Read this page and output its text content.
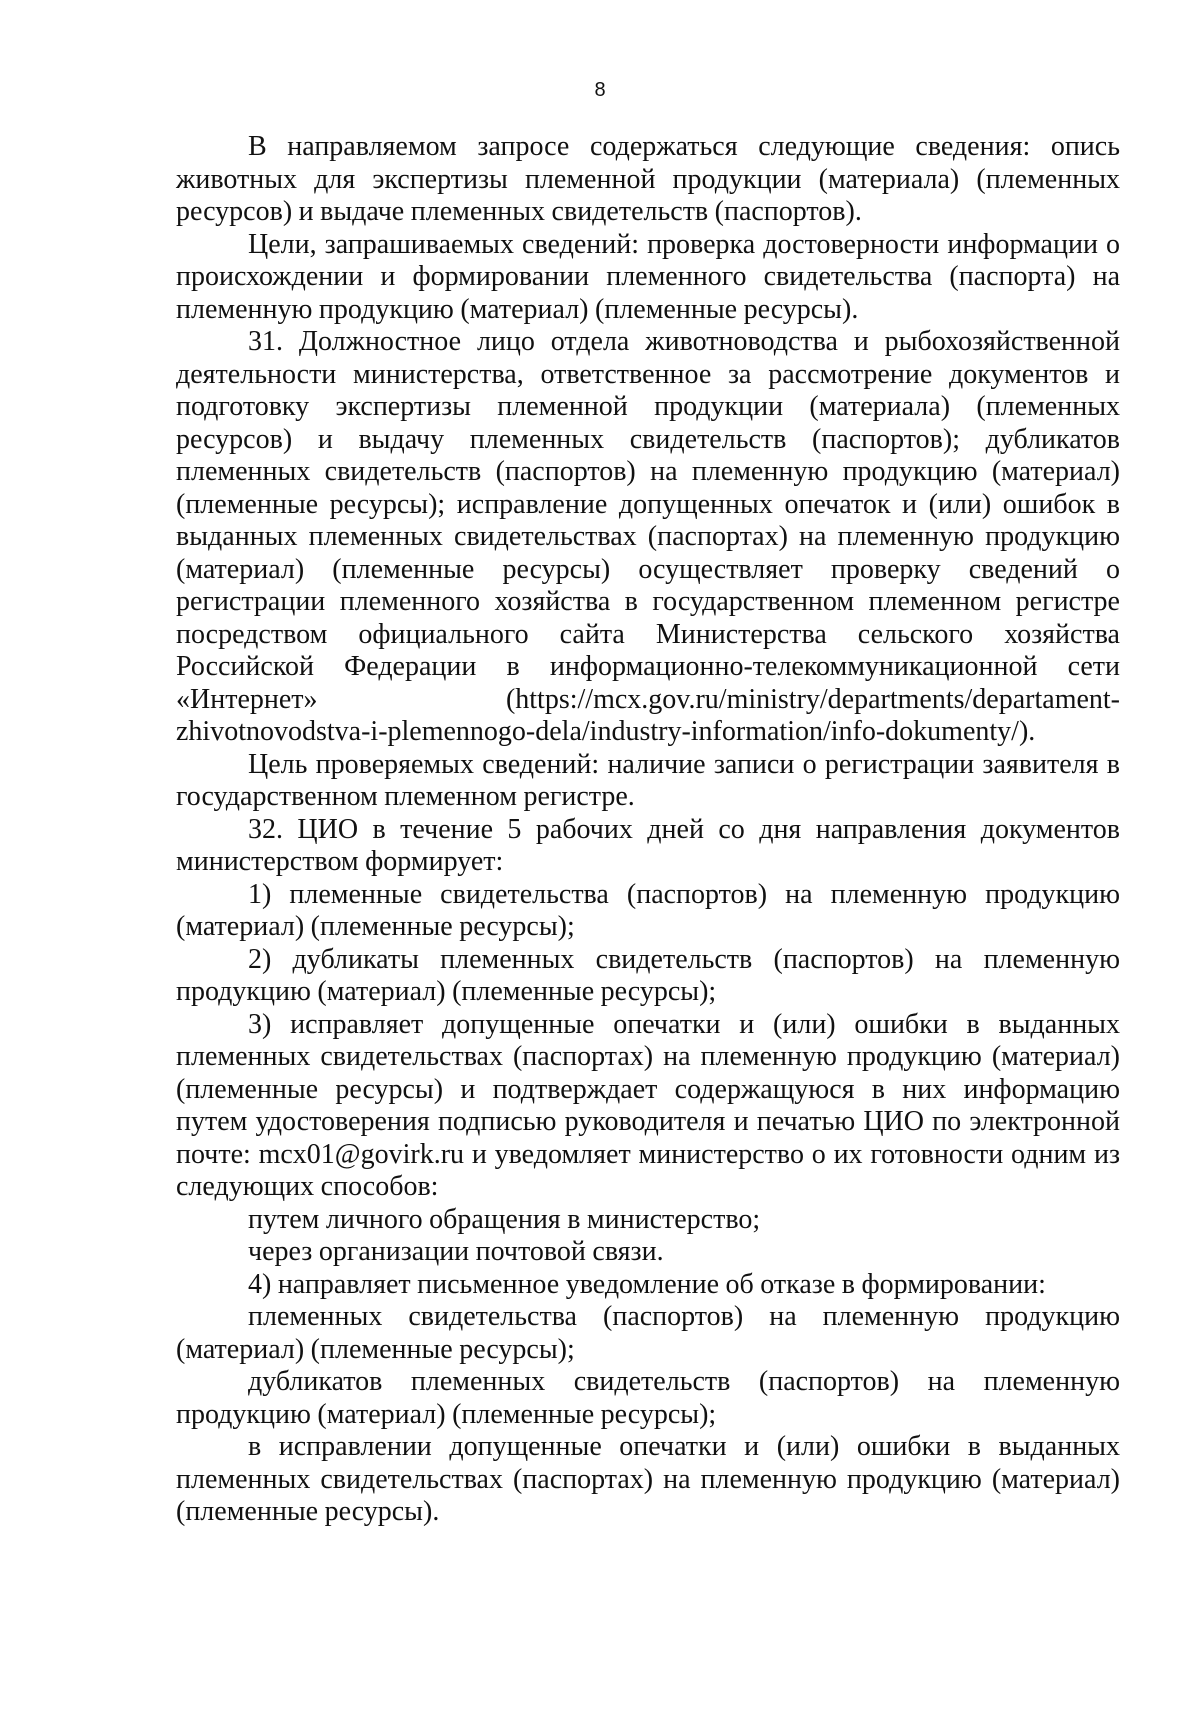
8

В направляемом запросе содержаться следующие сведения: опись животных для экспертизы племенной продукции (материала) (племенных ресурсов) и выдаче племенных свидетельств (паспортов).

Цели, запрашиваемых сведений: проверка достоверности информации о происхождении и формировании племенного свидетельства (паспорта) на племенную продукцию (материал) (племенные ресурсы).

31. Должностное лицо отдела животноводства и рыбохозяйственной деятельности министерства, ответственное за рассмотрение документов и подготовку экспертизы племенной продукции (материала) (племенных ресурсов) и выдачу племенных свидетельств (паспортов); дубликатов племенных свидетельств (паспортов) на племенную продукцию (материал) (племенные ресурсы); исправление допущенных опечаток и (или) ошибок в выданных племенных свидетельствах (паспортах) на племенную продукцию (материал) (племенные ресурсы) осуществляет проверку сведений о регистрации племенного хозяйства в государственном племенном регистре посредством официального сайта Министерства сельского хозяйства Российской Федерации в информационно-телекоммуникационной сети «Интернет» (https://mcx.gov.ru/ministry/departments/departament-zhivotnovodstva-i-plemennogo-dela/industry-information/info-dokumenty/).

Цель проверяемых сведений: наличие записи о регистрации заявителя в государственном племенном регистре.

32. ЦИО в течение 5 рабочих дней со дня направления документов министерством формирует:

1) племенные свидетельства (паспортов) на племенную продукцию (материал) (племенные ресурсы);

2) дубликаты племенных свидетельств (паспортов) на племенную продукцию (материал) (племенные ресурсы);

3) исправляет допущенные опечатки и (или) ошибки в выданных племенных свидетельствах (паспортах) на племенную продукцию (материал) (племенные ресурсы) и подтверждает содержащуюся в них информацию путем удостоверения подписью руководителя и печатью ЦИО по электронной почте: mcx01@govirk.ru и уведомляет министерство о их готовности одним из следующих способов:

путем личного обращения в министерство;

через организации почтовой связи.

4) направляет письменное уведомление об отказе в формировании:

племенных свидетельства (паспортов) на племенную продукцию (материал) (племенные ресурсы);

дубликатов племенных свидетельств (паспортов) на племенную продукцию (материал) (племенные ресурсы);

в исправлении допущенные опечатки и (или) ошибки в выданных племенных свидетельствах (паспортах) на племенную продукцию (материал) (племенные ресурсы).
